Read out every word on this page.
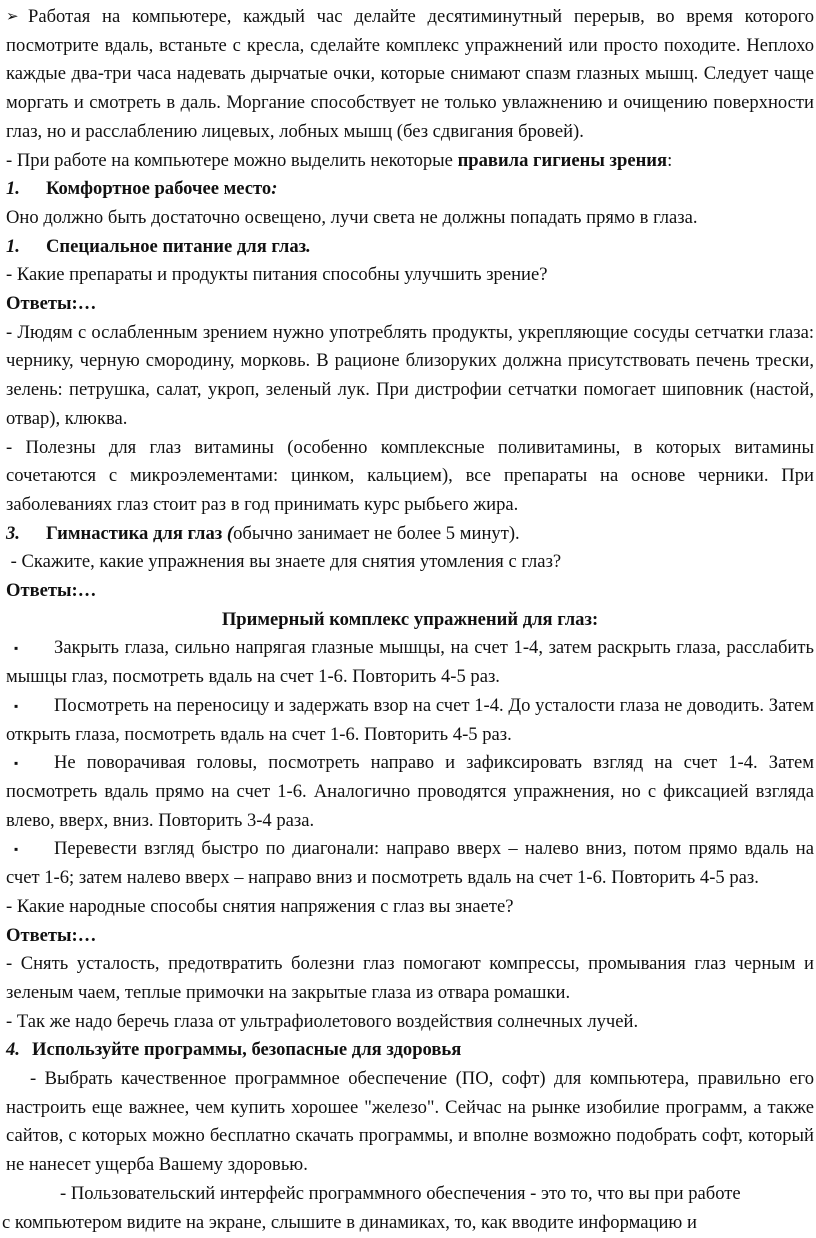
➢ Работая на компьютере, каждый час делайте десятиминутный перерыв, во время которого посмотрите вдаль, встаньте с кресла, сделайте комплекс упражнений или просто походите. Неплохо каждые два-три часа надевать дырчатые очки, которые снимают спазм глазных мышц. Следует чаще моргать и смотреть в даль. Моргание способствует не только увлажнению и очищению поверхности глаз, но и расслаблению лицевых, лобных мышц (без сдвигания бровей).

- При работе на компьютере можно выделить некоторые правила гигиены зрения:

1. Комфортное рабочее место:

Оно должно быть достаточно освещено, лучи света не должны попадать прямо в глаза.

1. Специальное питание для глаз.

- Какие препараты и продукты питания способны улучшить зрение?

Ответы:…

- Людям с ослабленным зрением нужно употреблять продукты, укрепляющие сосуды сетчатки глаза: чернику, черную смородину, морковь. В рационе близоруких должна присутствовать печень трески, зелень: петрушка, салат, укроп, зеленый лук. При дистрофии сетчатки помогает шиповник (настой, отвар), клюква.

- Полезны для глаз витамины (особенно комплексные поливитамины, в которых витамины сочетаются с микроэлементами: цинком, кальцием), все препараты на основе черники. При заболеваниях глаз стоит раз в год принимать курс рыбьего жира.

3. Гимнастика для глаз (обычно занимает не более 5 минут).

- Скажите, какие упражнения вы знаете для снятия утомления с глаз?

Ответы:…

Примерный комплекс упражнений для глаз:

▪ Закрыть глаза, сильно напрягая глазные мышцы, на счет 1-4, затем раскрыть глаза, расслабить мышцы глаз, посмотреть вдаль на счет 1-6. Повторить 4-5 раз.

▪ Посмотреть на переносицу и задержать взор на счет 1-4. До усталости глаза не доводить. Затем открыть глаза, посмотреть вдаль на счет 1-6. Повторить 4-5 раз.

▪ Не поворачивая головы, посмотреть направо и зафиксировать взгляд на счет 1-4. Затем посмотреть вдаль прямо на счет 1-6. Аналогично проводятся упражнения, но с фиксацией взгляда влево, вверх, вниз. Повторить 3-4 раза.

▪ Перевести взгляд быстро по диагонали: направо вверх – налево вниз, потом прямо вдаль на счет 1-6; затем налево вверх – направо вниз и посмотреть вдаль на счет 1-6. Повторить 4-5 раз.

- Какие народные способы снятия напряжения с глаз вы знаете?

Ответы:…

- Снять усталость, предотвратить болезни глаз помогают компрессы, промывания глаз черным и зеленым чаем, теплые примочки на закрытые глаза из отвара ромашки.

- Так же надо беречь глаза от ультрафиолетового воздействия солнечных лучей.

4. Используйте программы, безопасные для здоровья

- Выбрать качественное программное обеспечение (ПО, софт) для компьютера, правильно его настроить еще важнее, чем купить хорошее "железо". Сейчас на рынке изобилие программ, а также сайтов, с которых можно бесплатно скачать программы, и вполне возможно подобрать софт, который не нанесет ущерба Вашему здоровью.

- Пользовательский интерфейс программного обеспечения - это то, что вы при работе

с компьютером видите на экране, слышите в динамиках, то, как вводите информацию и
